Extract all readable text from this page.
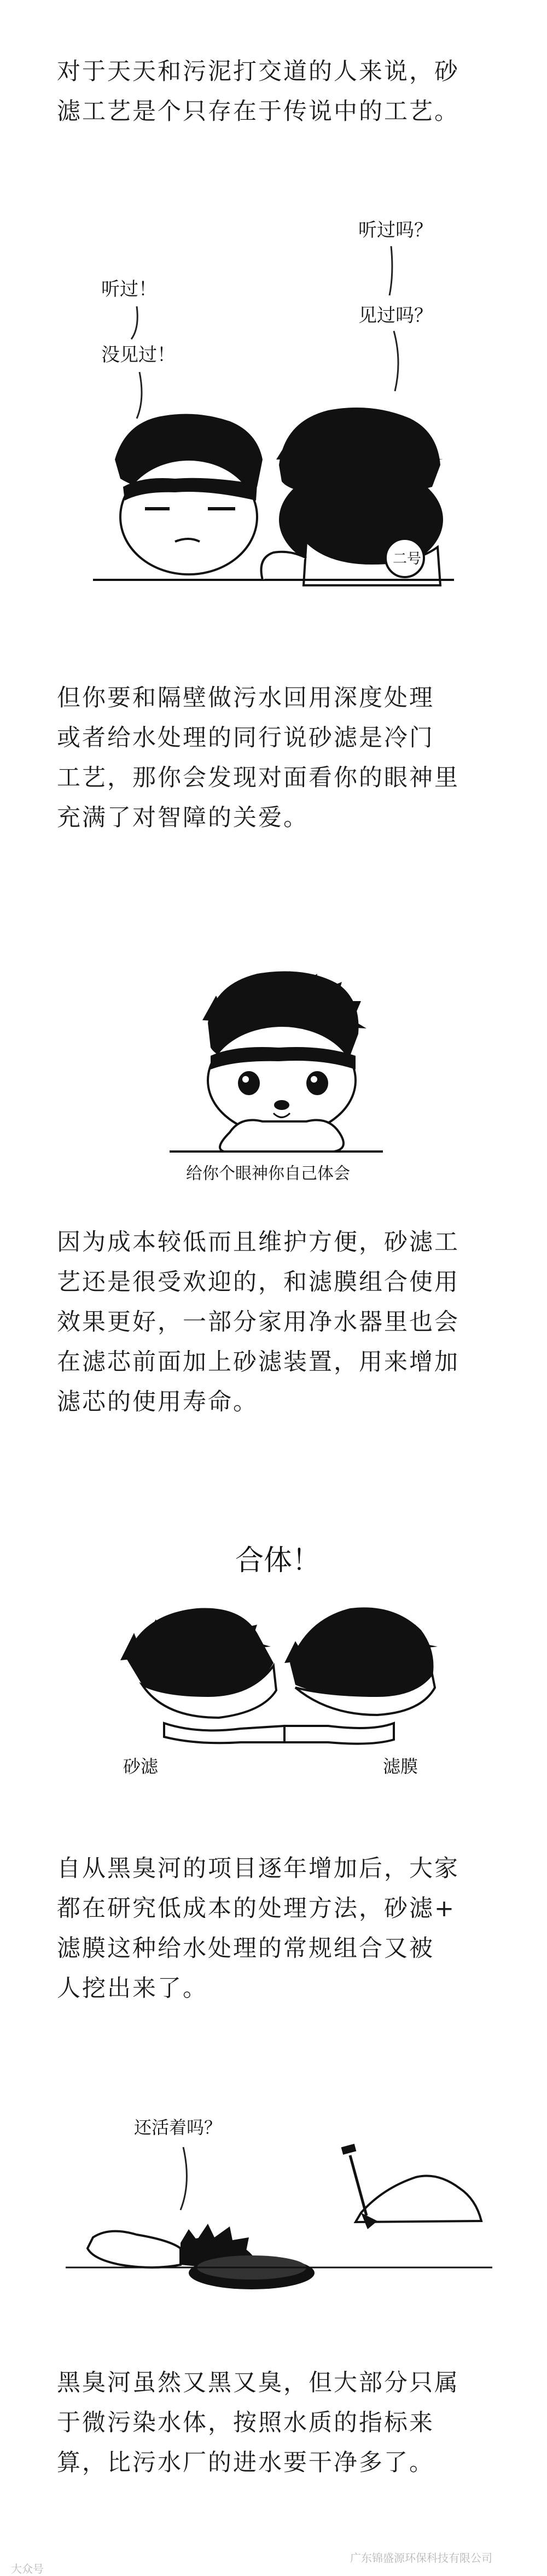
对于天天和污泥打交道的人来说，砂
滤工艺是个只存在于传说中的工艺。

听过！
没见过！
听过吗？
见过吗？
二号

但你要和隔壁做污水回用深度处理
或者给水处理的同行说砂滤是冷门
工艺，那你会发现对面看你的眼神里
充满了对智障的关爱。

给你个眼神你自己体会

因为成本较低而且维护方便，砂滤工
艺还是很受欢迎的，和滤膜组合使用
效果更好，一部分家用净水器里也会
在滤芯前面加上砂滤装置，用来增加
滤芯的使用寿命。

合体！
砂滤	滤膜

自从黑臭河的项目逐年增加后，大家
都在研究低成本的处理方法，砂滤+
滤膜这种给水处理的常规组合又被
人挖出来了。

还活着吗？

黑臭河虽然又黑又臭，但大部分只属
于微污染水体，按照水质的指标来
算，比污水厂的进水要干净多了。

大众号
广东锦盛源环保科技有限公司
